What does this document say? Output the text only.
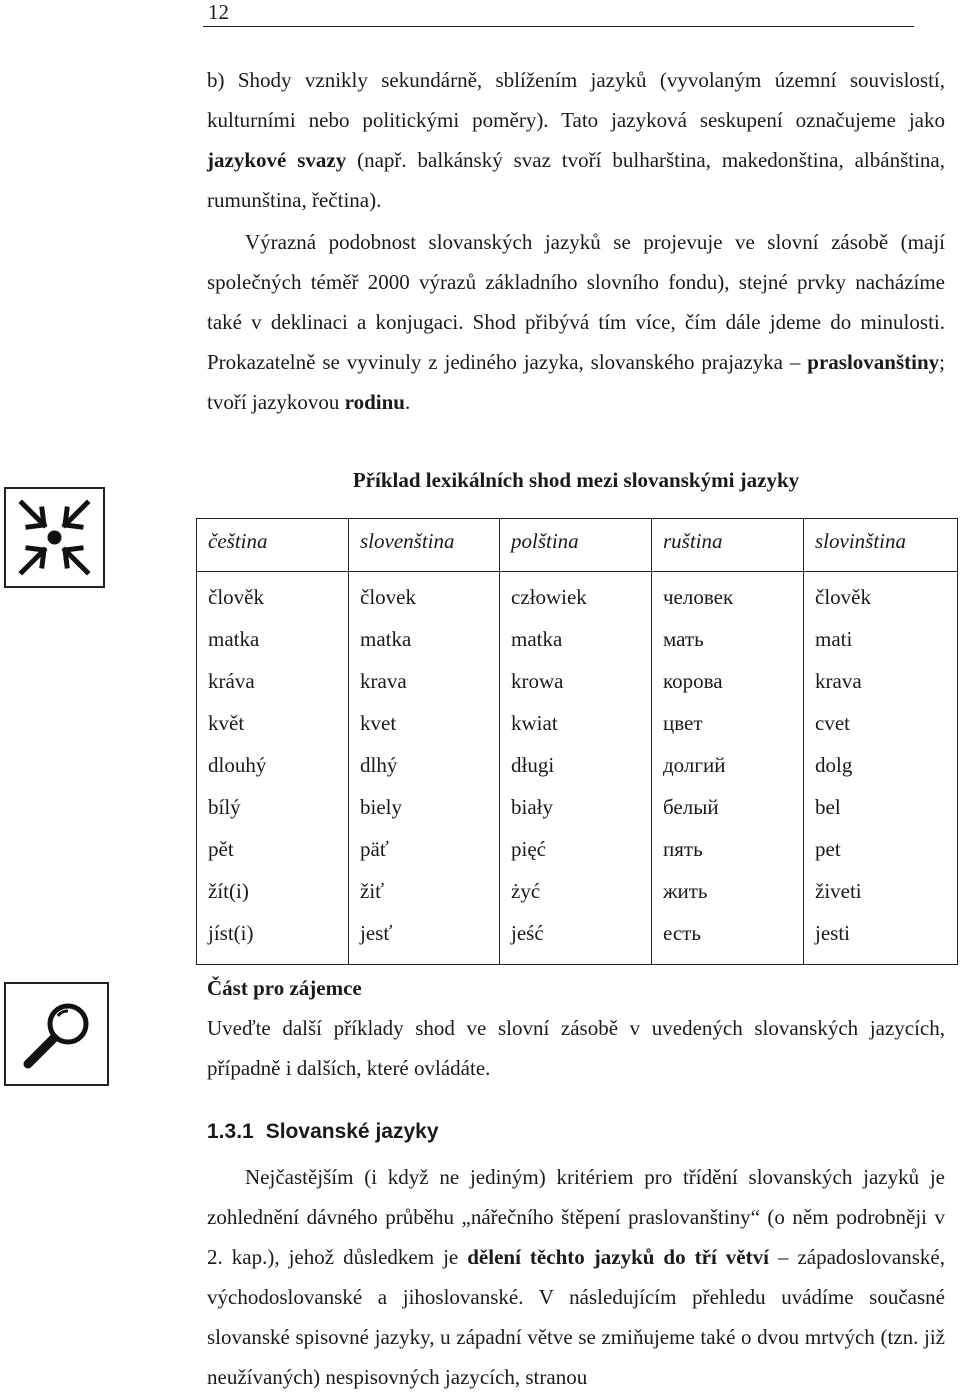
12

b) Shody vznikly sekundárně, sblížením jazyků (vyvolaným územní souvislostí, kulturními nebo politickými poměry). Tato jazyková seskupení označujeme jako jazykové svazy (např. balkánský svaz tvoří bulharština, makedonština, albánština, rumunština, řečtina).

Výrazná podobnost slovanských jazyků se projevuje ve slovní zásobě (mají společných téměř 2000 výrazů základního slovního fondu), stejné prvky nacházíme také v deklinaci a konjugaci. Shod přibývá tím více, čím dále jdeme do minulosti. Prokazatelně se vyvinuly z jediného jazyka, slovanského prajazyka – praslovanštiny; tvoří jazykovou rodinu.

Příklad lexikálních shod mezi slovanskými jazyky
čeština	slovenština	polština	ruština	slovinština
člověk	človek	człowiek	человек	člověk
matka	matka	matka	мать	mati
kráva	krava	krowa	корова	krava
květ	kvet	kwiat	цвет	cvet
dlouhý	dlhý	długi	долгий	dolg
bílý	biely	biały	белый	bel
pět	päť	pięć	пять	pet
žít(i)	žiť	żyć	жить	živeti
jíst(i)	jesť	jeść	есть	jesti
Část pro zájemce
Uveďte další příklady shod ve slovní zásobě v uvedených slovanských jazycích, případně i dalších, které ovládáte.
1.3.1 Slovanské jazyky

Nejčastějším (i když ne jediným) kritériem pro třídění slovanských jazyků je zohlednění dávného průběhu „nářečního štěpení praslovanštiny“ (o něm podrobněji v 2. kap.), jehož důsledkem je dělení těchto jazyků do tří větví – západoslovanské, východoslovanské a jihoslovanské. V následujícím přehledu uvádíme současné slovanské spisovné jazyky, u západní větve se zmiňujeme také o dvou mrtvých (tzn. již neužívaných) nespisovných jazycích, stranou
